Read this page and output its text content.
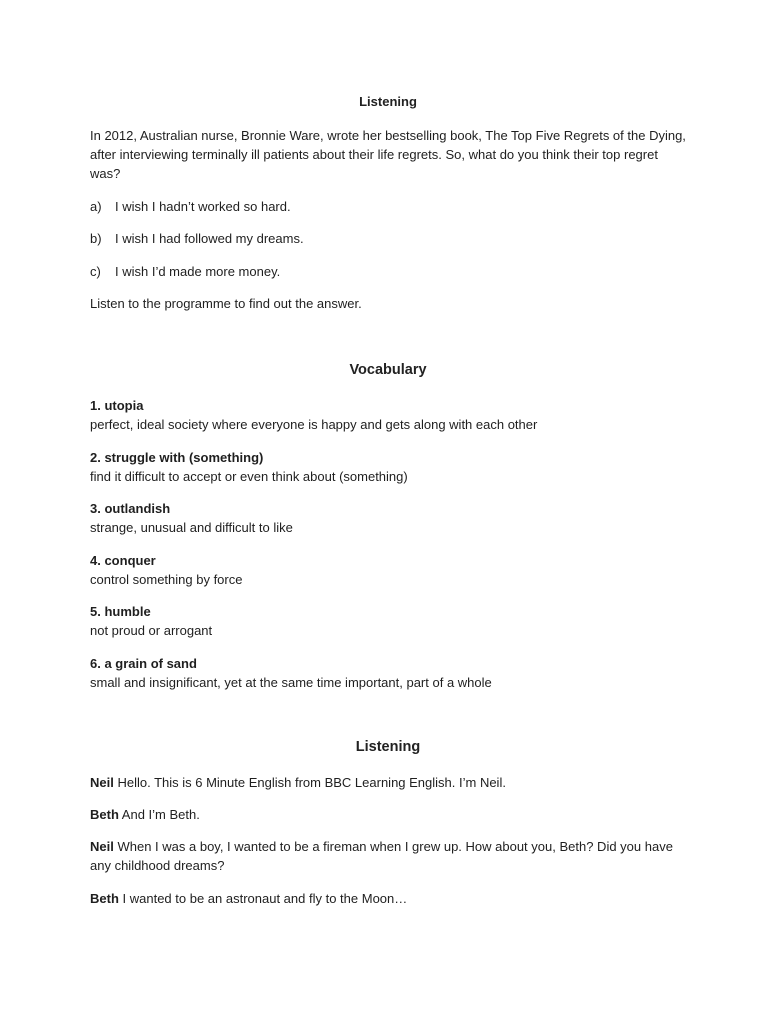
Listening
In 2012, Australian nurse, Bronnie Ware, wrote her bestselling book, The Top Five Regrets of the Dying, after interviewing terminally ill patients about their life regrets. So, what do you think their top regret was?
a) I wish I hadn’t worked so hard.
b) I wish I had followed my dreams.
c) I wish I’d made more money.
Listen to the programme to find out the answer.
Vocabulary
1. utopia
perfect, ideal society where everyone is happy and gets along with each other
2. struggle with (something)
find it difficult to accept or even think about (something)
3. outlandish
strange, unusual and difficult to like
4. conquer
control something by force
5. humble
not proud or arrogant
6. a grain of sand
small and insignificant, yet at the same time important, part of a whole
Listening
Neil Hello. This is 6 Minute English from BBC Learning English. I’m Neil.
Beth And I’m Beth.
Neil When I was a boy, I wanted to be a fireman when I grew up. How about you, Beth? Did you have any childhood dreams?
Beth I wanted to be an astronaut and fly to the Moon…
